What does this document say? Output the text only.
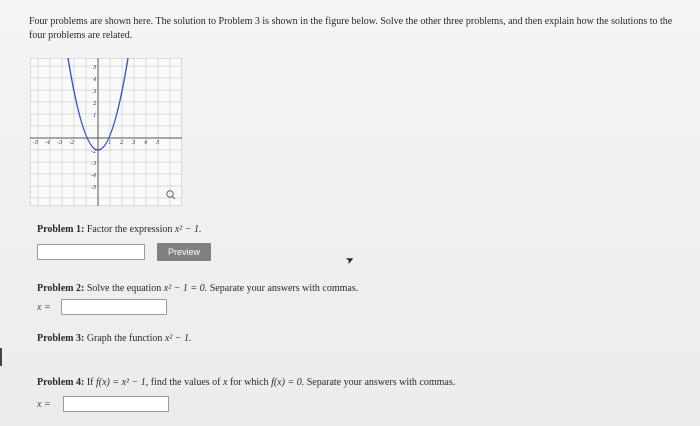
Four problems are shown here. The solution to Problem 3 is shown in the figure below. Solve the other three problems, and then explain how the solutions to the four problems are related.
-5 -4 -3 -2	1 2 3 4 5
5
4
3
2
1
-2
-3
-4
-5
Problem 1: Factor the expression x² − 1.
Preview
➤
Problem 2: Solve the equation x² − 1 = 0. Separate your answers with commas.
x =
Problem 3: Graph the function x² − 1.
Problem 4: If f(x) = x² − 1, find the values of x for which f(x) = 0. Separate your answers with commas.
x =
